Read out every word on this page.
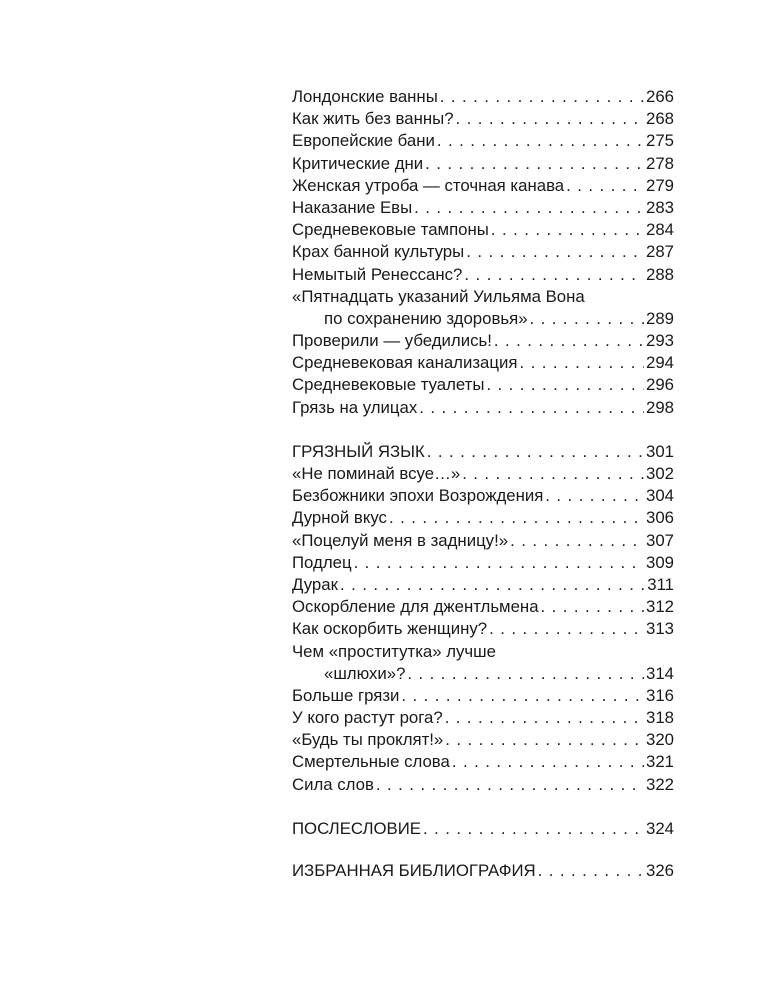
Лондонские ванны . . .	266
Как жить без ванны? . . .	268
Европейские бани . . .	275
Критические дни . . .	278
Женская утроба — сточная канава . . .	279
Наказание Евы . . .	283
Средневековые тампоны . . .	284
Крах банной культуры . . .	287
Немытый Ренессанс? . . .	288
«Пятнадцать указаний Уильяма Вона
по сохранению здоровья» . . .	289
Проверили — убедились! . . .	293
Средневековая канализация . . .	294
Средневековые туалеты . . .	296
Грязь на улицах . . .	298
ГРЯЗНЫЙ ЯЗЫК . . .	301
«Не поминай всуе…» . . .	302
Безбожники эпохи Возрождения . . .	304
Дурной вкус . . .	306
«Поцелуй меня в задницу!» . . .	307
Подлец . . .	309
Дурак . . .	311
Оскорбление для джентльмена . . .	312
Как оскорбить женщину? . . .	313
Чем «проститутка» лучше
«шлюхи»? . . .	314
Больше грязи . . .	316
У кого растут рога? . . .	318
«Будь ты проклят!» . . .	320
Смертельные слова . . .	321
Сила слов . . .	322
ПОСЛЕСЛОВИЕ . . .	324
ИЗБРАННАЯ БИБЛИОГРАФИЯ . . .	326
